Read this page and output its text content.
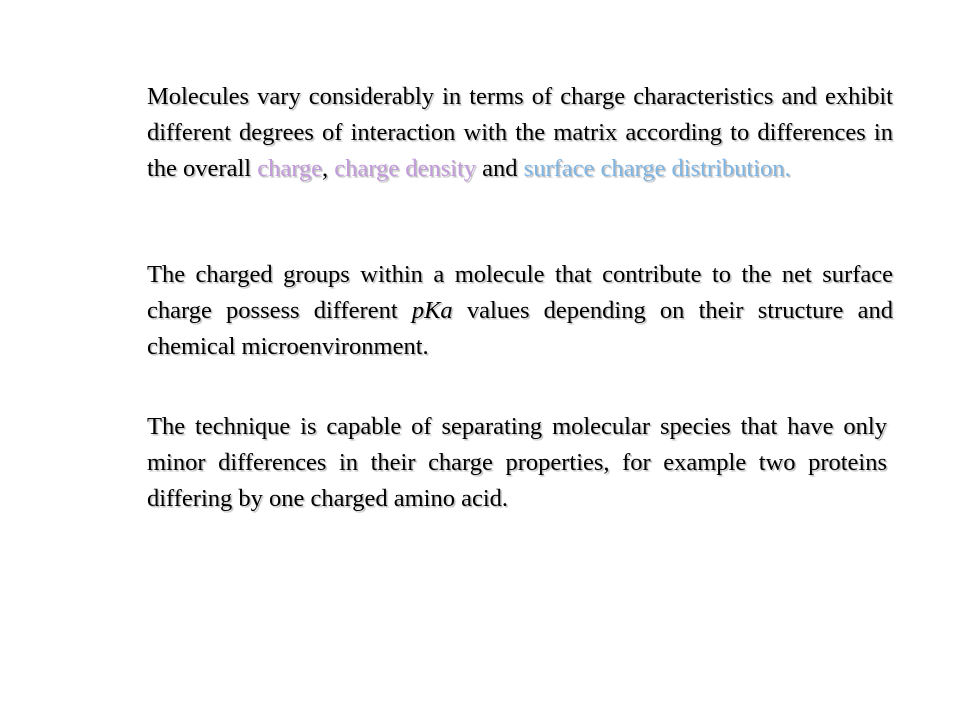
Molecules vary considerably in terms of charge characteristics and exhibit different degrees of interaction with the matrix according to differences in the overall charge, charge density and surface charge distribution.

The charged groups within a molecule that contribute to the net surface charge possess different pKa values depending on their structure and chemical microenvironment.

The technique is capable of separating molecular species that have only minor differences in their charge properties, for example two proteins differing by one charged amino acid.
